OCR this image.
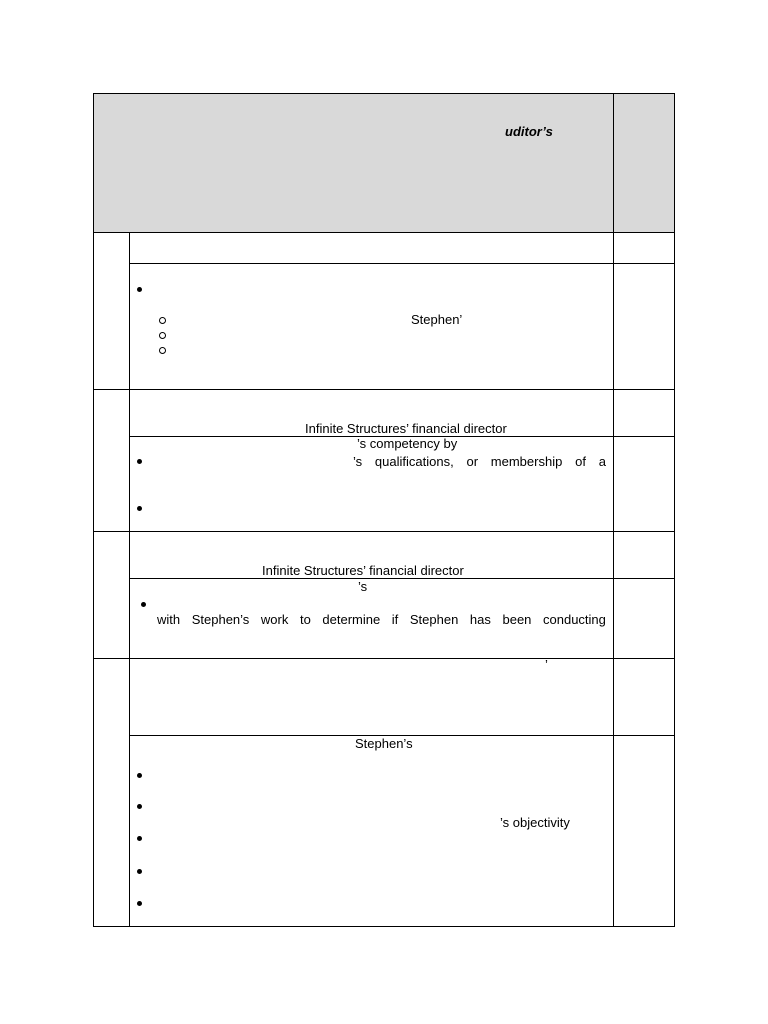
uditor’s
Stephen’
Infinite Structures’ financial director
’s competency by
’s qualifications, or membership of a
Infinite Structures’ financial director
’s
with Stephen’s work to determine if Stephen has been conducting
’
Stephen’s
’s objectivity
